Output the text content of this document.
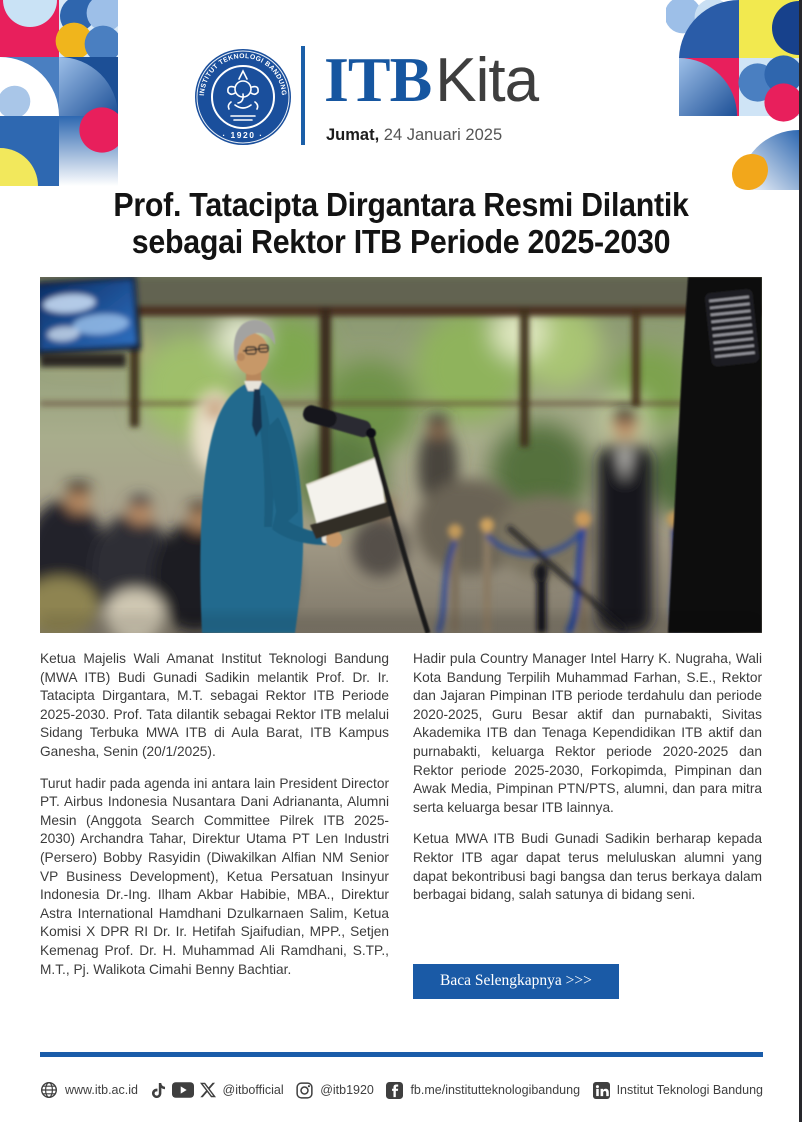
INSTITUT TEKNOLOGI BANDUNG
· 1920 ·
ITBKita
Jumat, 24 Januari 2025
Prof. Tatacipta Dirgantara Resmi Dilantik
sebagai Rektor ITB Periode 2025-2030

Ketua Majelis Wali Amanat Institut Teknologi Bandung (MWA ITB) Budi Gunadi Sadikin melantik Prof. Dr. Ir. Tatacipta Dirgantara, M.T. sebagai Rektor ITB Periode 2025-2030. Prof. Tata dilantik sebagai Rektor ITB melalui Sidang Terbuka MWA ITB di Aula Barat, ITB Kampus Ganesha, Senin (20/1/2025).

Turut hadir pada agenda ini antara lain President Director PT. Airbus Indonesia Nusantara Dani Adriananta, Alumni Mesin (Anggota Search Committee Pilrek ITB 2025-2030) Archandra Tahar, Direktur Utama PT Len Industri (Persero) Bobby Rasyidin (Diwakilkan Alfian NM Senior VP Business Development), Ketua Persatuan Insinyur Indonesia Dr.-Ing. Ilham Akbar Habibie, MBA., Direktur Astra International Hamdhani Dzulkarnaen Salim, Ketua Komisi X DPR RI Dr. Ir. Hetifah Sjaifudian, MPP., Setjen Kemenag Prof. Dr. H. Muhammad Ali Ramdhani, S.TP., M.T., Pj. Walikota Cimahi Benny Bachtiar.

Hadir pula Country Manager Intel Harry K. Nugraha, Wali Kota Bandung Terpilih Muhammad Farhan, S.E., Rektor dan Jajaran Pimpinan ITB periode terdahulu dan periode 2020-2025, Guru Besar aktif dan purnabakti, Sivitas Akademika ITB dan Tenaga Kependidikan ITB aktif dan purnabakti, keluarga Rektor periode 2020-2025 dan Rektor periode 2025-2030, Forkopimda, Pimpinan dan Awak Media, Pimpinan PTN/PTS, alumni, dan para mitra serta keluarga besar ITB lainnya.

Ketua MWA ITB Budi Gunadi Sadikin berharap kepada Rektor ITB agar dapat terus meluluskan alumni yang dapat bekontribusi bagi bangsa dan terus berkaya dalam berbagai bidang, salah satunya di bidang seni.

Baca Selengkapnya >>>
www.itb.ac.id	@itbofficial	@itb1920	fb.me/institutteknologibandung	Institut Teknologi Bandung
